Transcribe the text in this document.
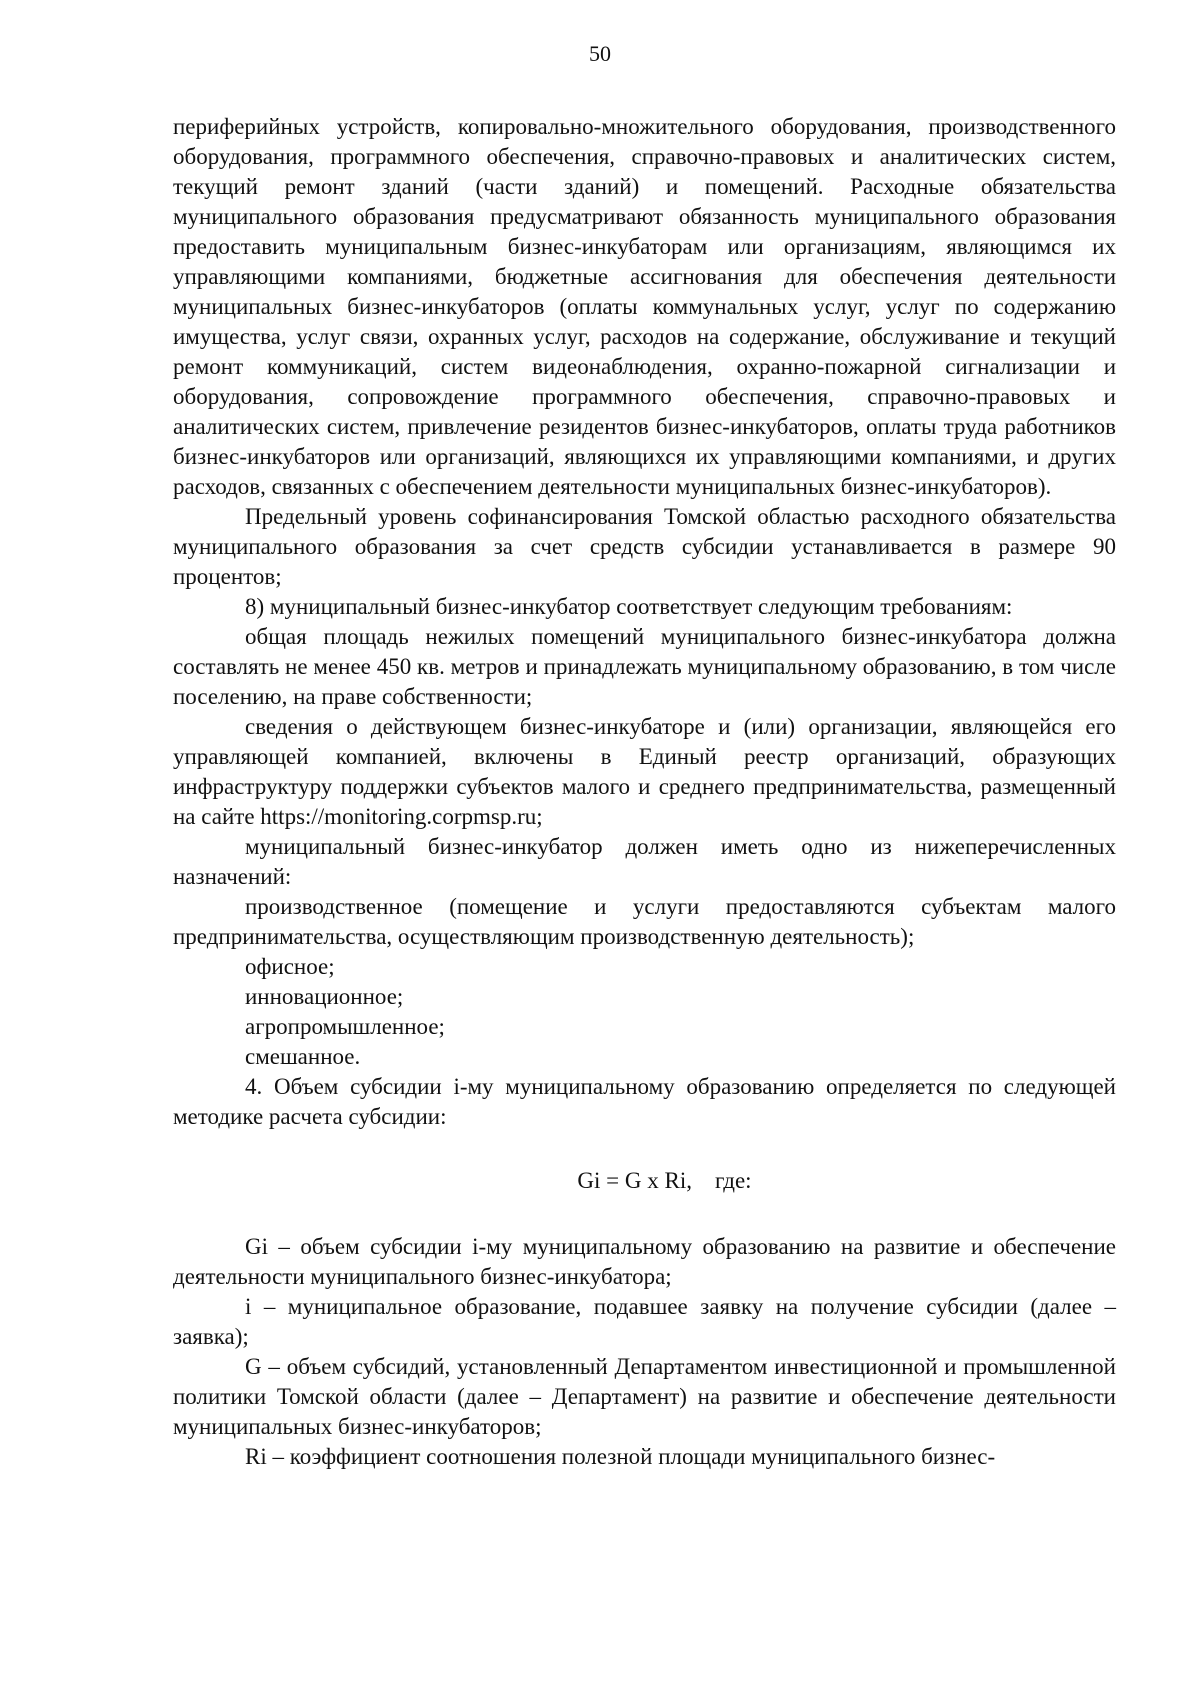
50

периферийных устройств, копировально-множительного оборудования, производственного оборудования, программного обеспечения, справочно-правовых и аналитических систем, текущий ремонт зданий (части зданий) и помещений. Расходные обязательства муниципального образования предусматривают обязанность муниципального образования предоставить муниципальным бизнес-инкубаторам или организациям, являющимся их управляющими компаниями, бюджетные ассигнования для обеспечения деятельности муниципальных бизнес-инкубаторов (оплаты коммунальных услуг, услуг по содержанию имущества, услуг связи, охранных услуг, расходов на содержание, обслуживание и текущий ремонт коммуникаций, систем видеонаблюдения, охранно-пожарной сигнализации и оборудования, сопровождение программного обеспечения, справочно-правовых и аналитических систем, привлечение резидентов бизнес-инкубаторов, оплаты труда работников бизнес-инкубаторов или организаций, являющихся их управляющими компаниями, и других расходов, связанных с обеспечением деятельности муниципальных бизнес-инкубаторов).

Предельный уровень софинансирования Томской областью расходного обязательства муниципального образования за счет средств субсидии устанавливается в размере 90 процентов;

8) муниципальный бизнес-инкубатор соответствует следующим требованиям:

общая площадь нежилых помещений муниципального бизнес-инкубатора должна составлять не менее 450 кв. метров и принадлежать муниципальному образованию, в том числе поселению, на праве собственности;

сведения о действующем бизнес-инкубаторе и (или) организации, являющейся его управляющей компанией, включены в Единый реестр организаций, образующих инфраструктуру поддержки субъектов малого и среднего предпринимательства, размещенный на сайте https://monitoring.corpmsp.ru;

муниципальный бизнес-инкубатор должен иметь одно из нижеперечисленных назначений:

производственное (помещение и услуги предоставляются субъектам малого предпринимательства, осуществляющим производственную деятельность);

офисное;

инновационное;

агропромышленное;

смешанное.

4. Объем субсидии i-му муниципальному образованию определяется по следующей методике расчета субсидии:

Gi = G x Ri,    где:

Gi – объем субсидии i-му муниципальному образованию на развитие и обеспечение деятельности муниципального бизнес-инкубатора;

i – муниципальное образование, подавшее заявку на получение субсидии (далее – заявка);

G – объем субсидий, установленный Департаментом инвестиционной и промышленной политики Томской области (далее – Департамент) на развитие и обеспечение деятельности муниципальных бизнес-инкубаторов;

Ri – коэффициент соотношения полезной площади муниципального бизнес-
